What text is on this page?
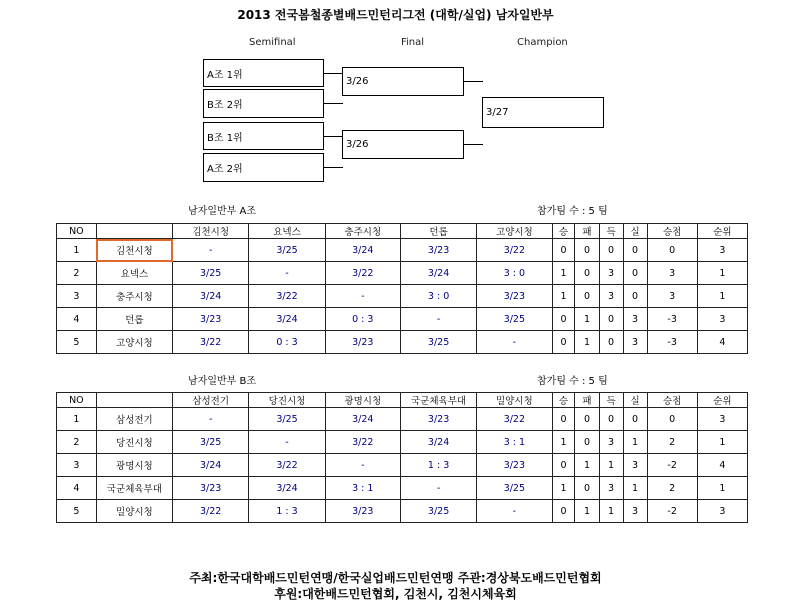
2013 전국봄철종별배드민턴리그전 (대학/실업) 남자일반부
Semifinal	Final	Champion
A조 1위
B조 2위
B조 1위
A조 2위
3/26
3/26
3/27
남자일반부 A조	참가팀 수 : 5 팀
NO		김천시청	요넥스	충주시청	던롭	고양시청	승	패	득	실	승점	순위
1	김천시청	-	3/25	3/24	3/23	3/22	0	0	0	0	0	3
2	요넥스	3/25	-	3/22	3/24	3 : 0	1	0	3	0	3	1
3	충주시청	3/24	3/22	-	3 : 0	3/23	1	0	3	0	3	1
4	던롭	3/23	3/24	0 : 3	-	3/25	0	1	0	3	-3	3
5	고양시청	3/22	0 : 3	3/23	3/25	-	0	1	0	3	-3	4
남자일반부 B조	참가팀 수 : 5 팀
NO		삼성전기	당진시청	광명시청	국군체육부대	밀양시청	승	패	득	실	승점	순위
1	삼성전기	-	3/25	3/24	3/23	3/22	0	0	0	0	0	3
2	당진시청	3/25	-	3/22	3/24	3 : 1	1	0	3	1	2	1
3	광명시청	3/24	3/22	-	1 : 3	3/23	0	1	1	3	-2	4
4	국군체육부대	3/23	3/24	3 : 1	-	3/25	1	0	3	1	2	1
5	밀양시청	3/22	1 : 3	3/23	3/25	-	0	1	1	3	-2	3
주최:한국대학배드민턴연맹/한국실업배드민턴연맹 주관:경상북도배드민턴협회
후원:대한배드민턴협회, 김천시, 김천시체육회
